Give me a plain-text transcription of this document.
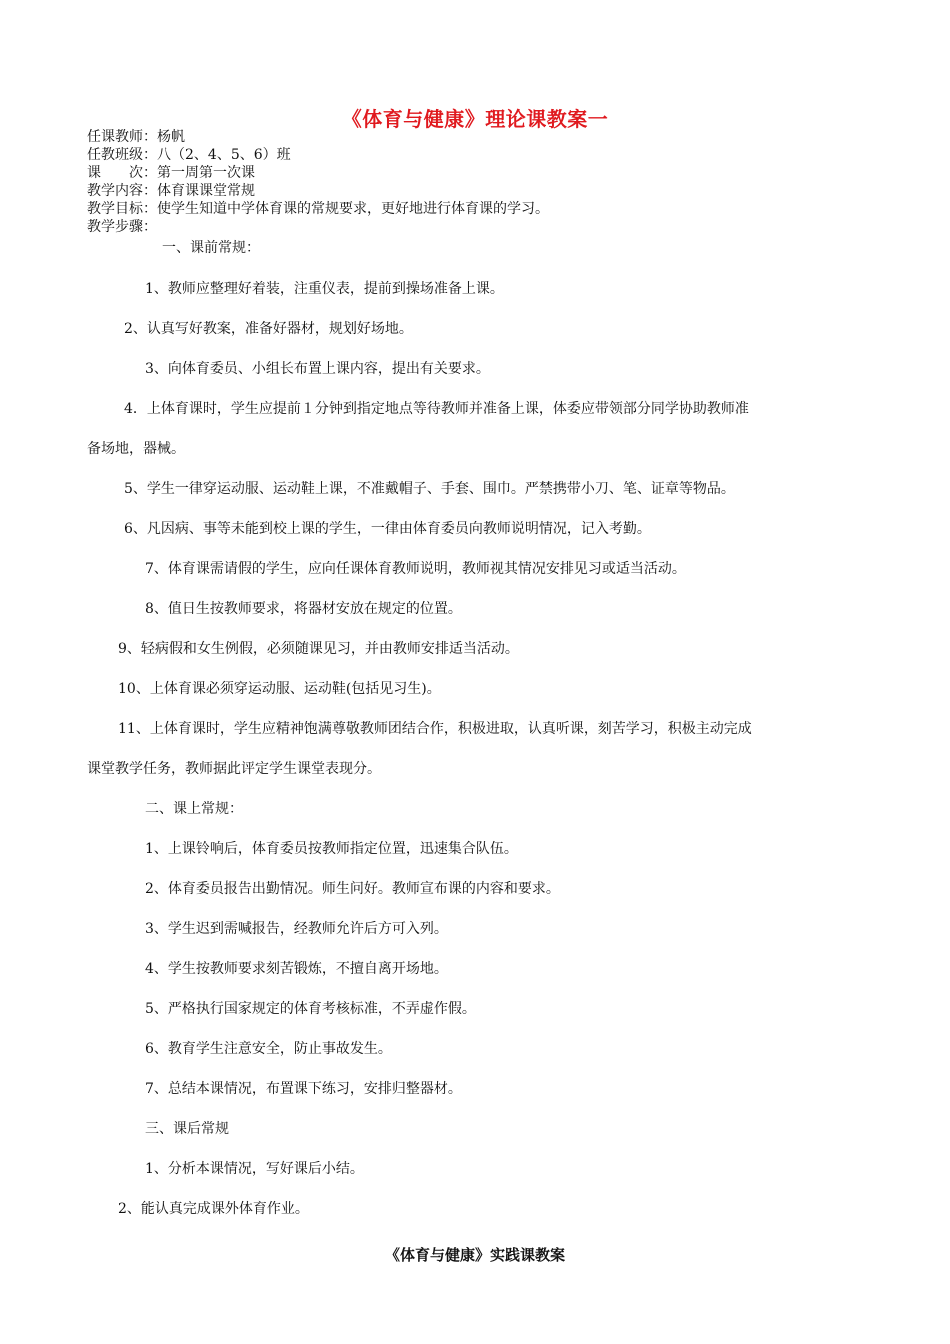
《体育与健康》理论课教案一
任课教师：杨帆
任教班级：八（2、4、5、6）班
课　　次：第一周第一次课
教学内容：体育课课堂常规
教学目标：使学生知道中学体育课的常规要求，更好地进行体育课的学习。
教学步骤：
一、课前常规：
1、教师应整理好着装，注重仪表，提前到操场准备上课。
2、认真写好教案，准备好器材，规划好场地。
3、向体育委员、小组长布置上课内容，提出有关要求。
4．上体育课时，学生应提前１分钟到指定地点等待教师并准备上课，体委应带领部分同学协助教师准
备场地，器械。
5、学生一律穿运动服、运动鞋上课，不准戴帽子、手套、围巾。严禁携带小刀、笔、证章等物品。
6、凡因病、事等未能到校上课的学生，一律由体育委员向教师说明情况，记入考勤。
7、体育课需请假的学生，应向任课体育教师说明，教师视其情况安排见习或适当活动。
8、值日生按教师要求，将器材安放在规定的位置。
9、轻病假和女生例假，必须随课见习，并由教师安排适当活动。
10、上体育课必须穿运动服、运动鞋(包括见习生)。
11、上体育课时，学生应精神饱满尊敬教师团结合作，积极进取，认真听课，刻苦学习，积极主动完成
课堂教学任务，教师据此评定学生课堂表现分。
二、课上常规：
1、上课铃响后，体育委员按教师指定位置，迅速集合队伍。
2、体育委员报告出勤情况。师生问好。教师宣布课的内容和要求。
3、学生迟到需喊报告，经教师允许后方可入列。
4、学生按教师要求刻苦锻炼，不擅自离开场地。
5、严格执行国家规定的体育考核标准，不弄虚作假。
6、教育学生注意安全，防止事故发生。
7、总结本课情况，布置课下练习，安排归整器材。
三、课后常规
1、分析本课情况，写好课后小结。
2、能认真完成课外体育作业。
《体育与健康》实践课教案
